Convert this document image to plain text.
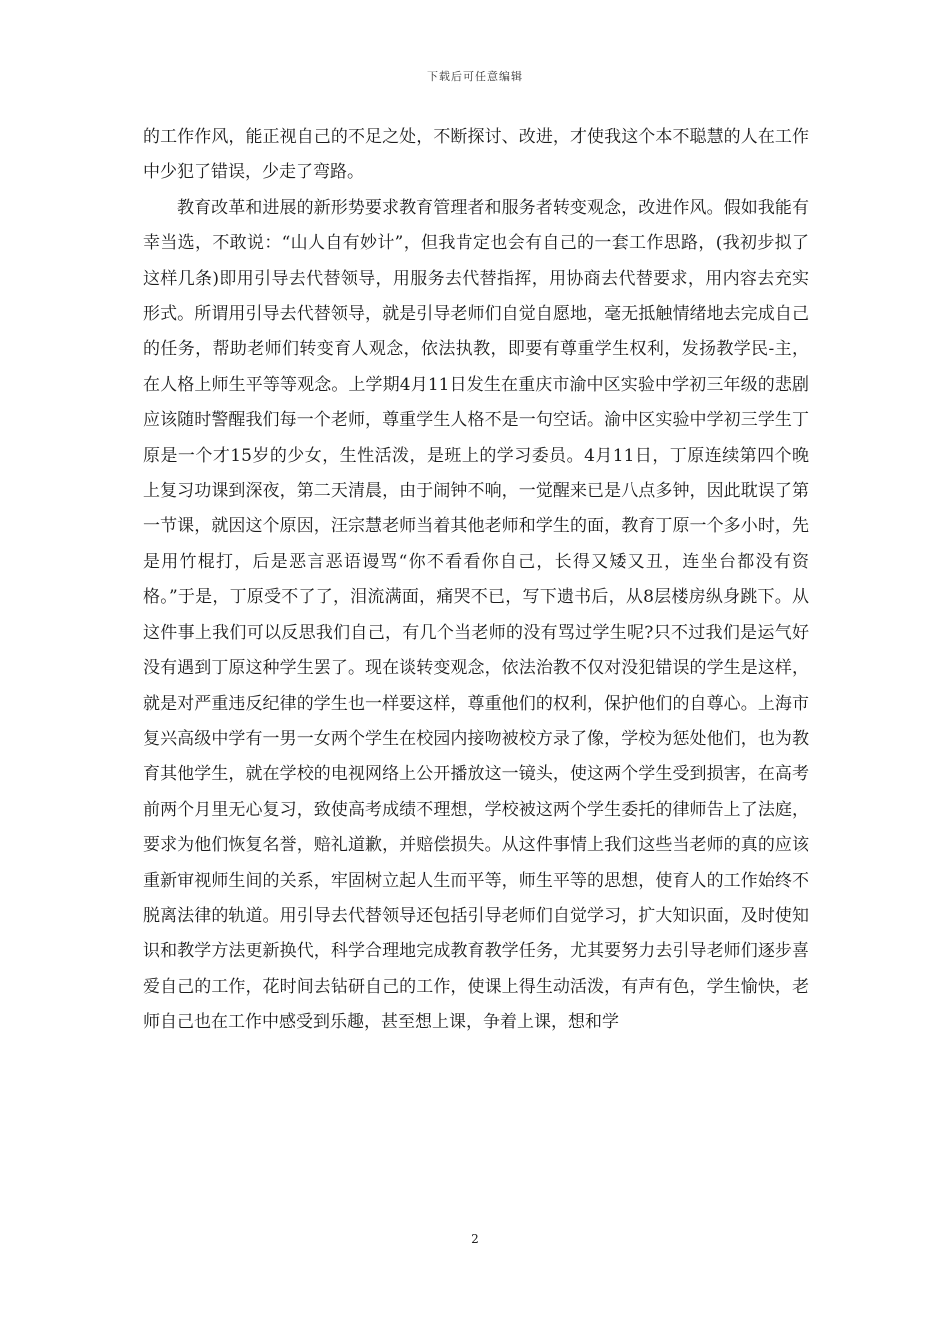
下载后可任意编辑

的工作作风，能正视自己的不足之处，不断探讨、改进，才使我这个本不聪慧的人在工作中少犯了错误，少走了弯路。

教育改革和进展的新形势要求教育管理者和服务者转变观念，改进作风。假如我能有幸当选，不敢说：“山人自有妙计”，但我肯定也会有自己的一套工作思路，(我初步拟了这样几条)即用引导去代替领导，用服务去代替指挥，用协商去代替要求，用内容去充实形式。所谓用引导去代替领导，就是引导老师们自觉自愿地，毫无抵触情绪地去完成自己的任务，帮助老师们转变育人观念，依法执教，即要有尊重学生权利，发扬教学民-主，在人格上师生平等等观念。上学期4月11日发生在重庆市渝中区实验中学初三年级的悲剧应该随时警醒我们每一个老师，尊重学生人格不是一句空话。渝中区实验中学初三学生丁原是一个才15岁的少女，生性活泼，是班上的学习委员。4月11日，丁原连续第四个晚上复习功课到深夜，第二天清晨，由于闹钟不响，一觉醒来已是八点多钟，因此耽误了第一节课，就因这个原因，汪宗慧老师当着其他老师和学生的面，教育丁原一个多小时，先是用竹棍打，后是恶言恶语谩骂“你不看看你自己，长得又矮又丑，连坐台都没有资格。”于是，丁原受不了了，泪流满面，痛哭不已，写下遗书后，从8层楼房纵身跳下。从这件事上我们可以反思我们自己，有几个当老师的没有骂过学生呢?只不过我们是运气好没有遇到丁原这种学生罢了。现在谈转变观念，依法治教不仅对没犯错误的学生是这样，就是对严重违反纪律的学生也一样要这样，尊重他们的权利，保护他们的自尊心。上海市复兴高级中学有一男一女两个学生在校园内接吻被校方录了像，学校为惩处他们，也为教育其他学生，就在学校的电视网络上公开播放这一镜头，使这两个学生受到损害，在高考前两个月里无心复习，致使高考成绩不理想，学校被这两个学生委托的律师告上了法庭，要求为他们恢复名誉，赔礼道歉，并赔偿损失。从这件事情上我们这些当老师的真的应该重新审视师生间的关系，牢固树立起人生而平等，师生平等的思想，使育人的工作始终不脱离法律的轨道。用引导去代替领导还包括引导老师们自觉学习，扩大知识面，及时使知识和教学方法更新换代，科学合理地完成教育教学任务，尤其要努力去引导老师们逐步喜爱自己的工作，花时间去钻研自己的工作，使课上得生动活泼，有声有色，学生愉快，老师自己也在工作中感受到乐趣，甚至想上课，争着上课，想和学

2
